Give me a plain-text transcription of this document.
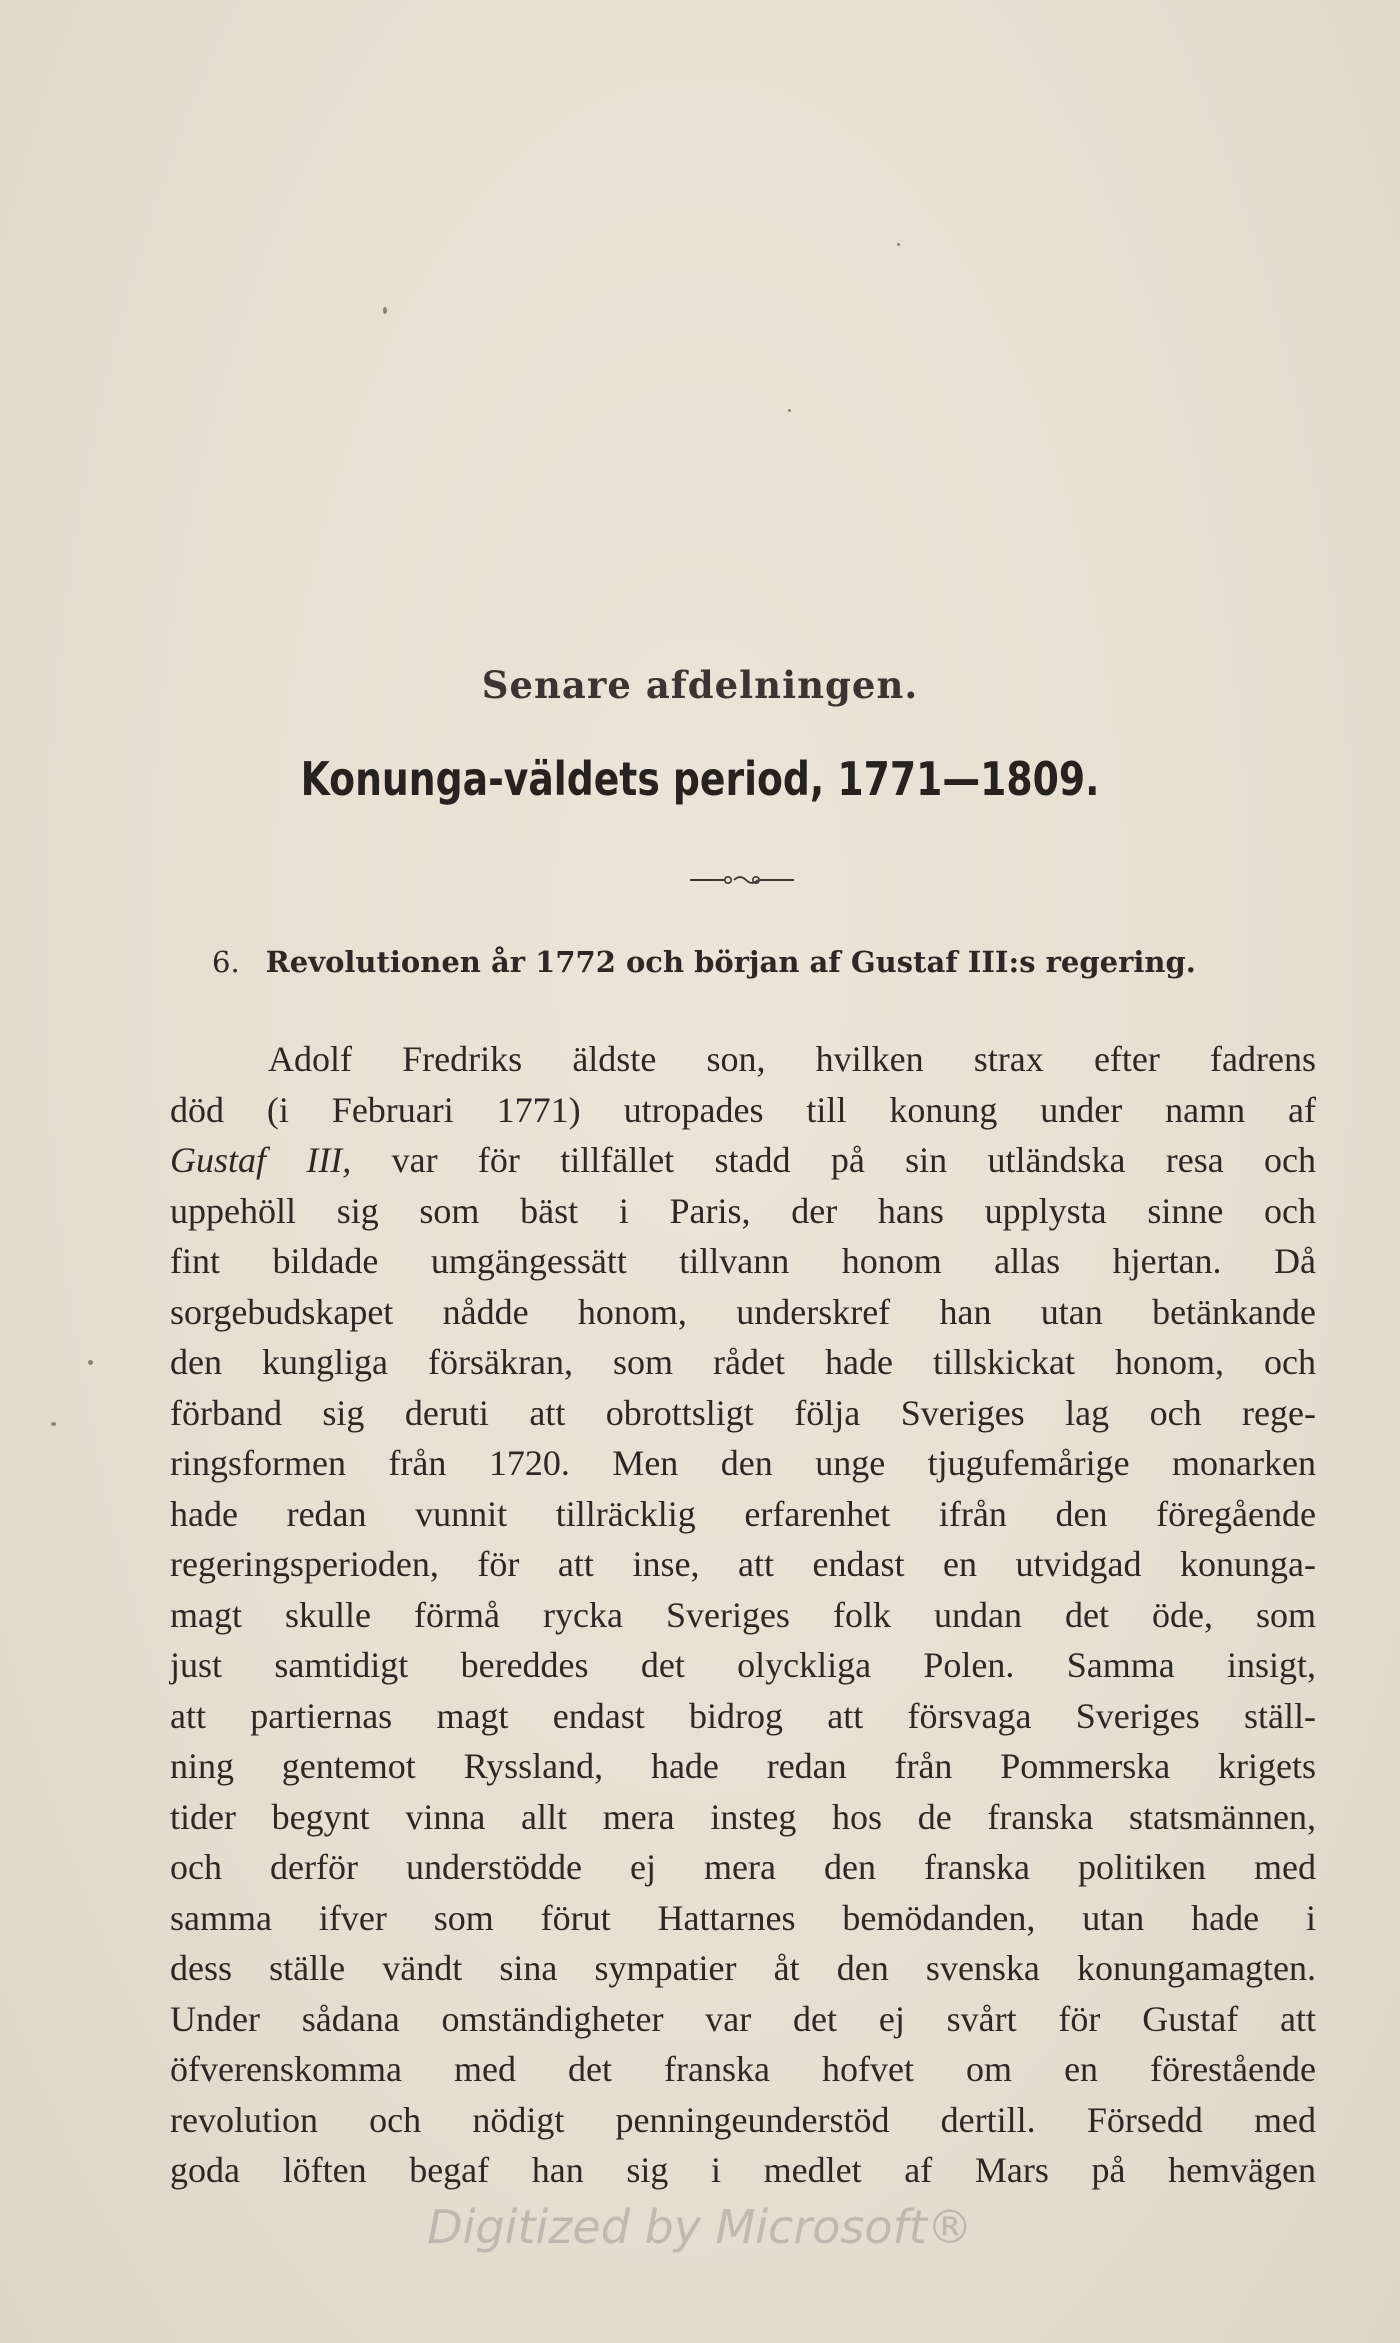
Senare afdelningen.
Konunga-väldets period, 1771—1809.
6. Revolutionen år 1772 och början af Gustaf III:s regering.
Adolf Fredriks äldste son, hvilken strax efter fadrens
död (i Februari 1771) utropades till konung under namn af
Gustaf III, var för tillfället stadd på sin utländska resa och
uppehöll sig som bäst i Paris, der hans upplysta sinne och
fint bildade umgängessätt tillvann honom allas hjertan. Då
sorgebudskapet nådde honom, underskref han utan betänkande
den kungliga försäkran, som rådet hade tillskickat honom, och
förband sig deruti att obrottsligt följa Sveriges lag och rege-
ringsformen från 1720. Men den unge tjugufemårige monarken
hade redan vunnit tillräcklig erfarenhet ifrån den föregående
regeringsperioden, för att inse, att endast en utvidgad konunga-
magt skulle förmå rycka Sveriges folk undan det öde, som
just samtidigt bereddes det olyckliga Polen. Samma insigt,
att partiernas magt endast bidrog att försvaga Sveriges ställ-
ning gentemot Ryssland, hade redan från Pommerska krigets
tider begynt vinna allt mera insteg hos de franska statsmännen,
och derför understödde ej mera den franska politiken med
samma ifver som förut Hattarnes bemödanden, utan hade i
dess ställe vändt sina sympatier åt den svenska konungamagten.
Under sådana omständigheter var det ej svårt för Gustaf att
öfverenskomma med det franska hofvet om en förestående
revolution och nödigt penningeunderstöd dertill. Försedd med
goda löften begaf han sig i medlet af Mars på hemvägen
Digitized by Microsoft®
